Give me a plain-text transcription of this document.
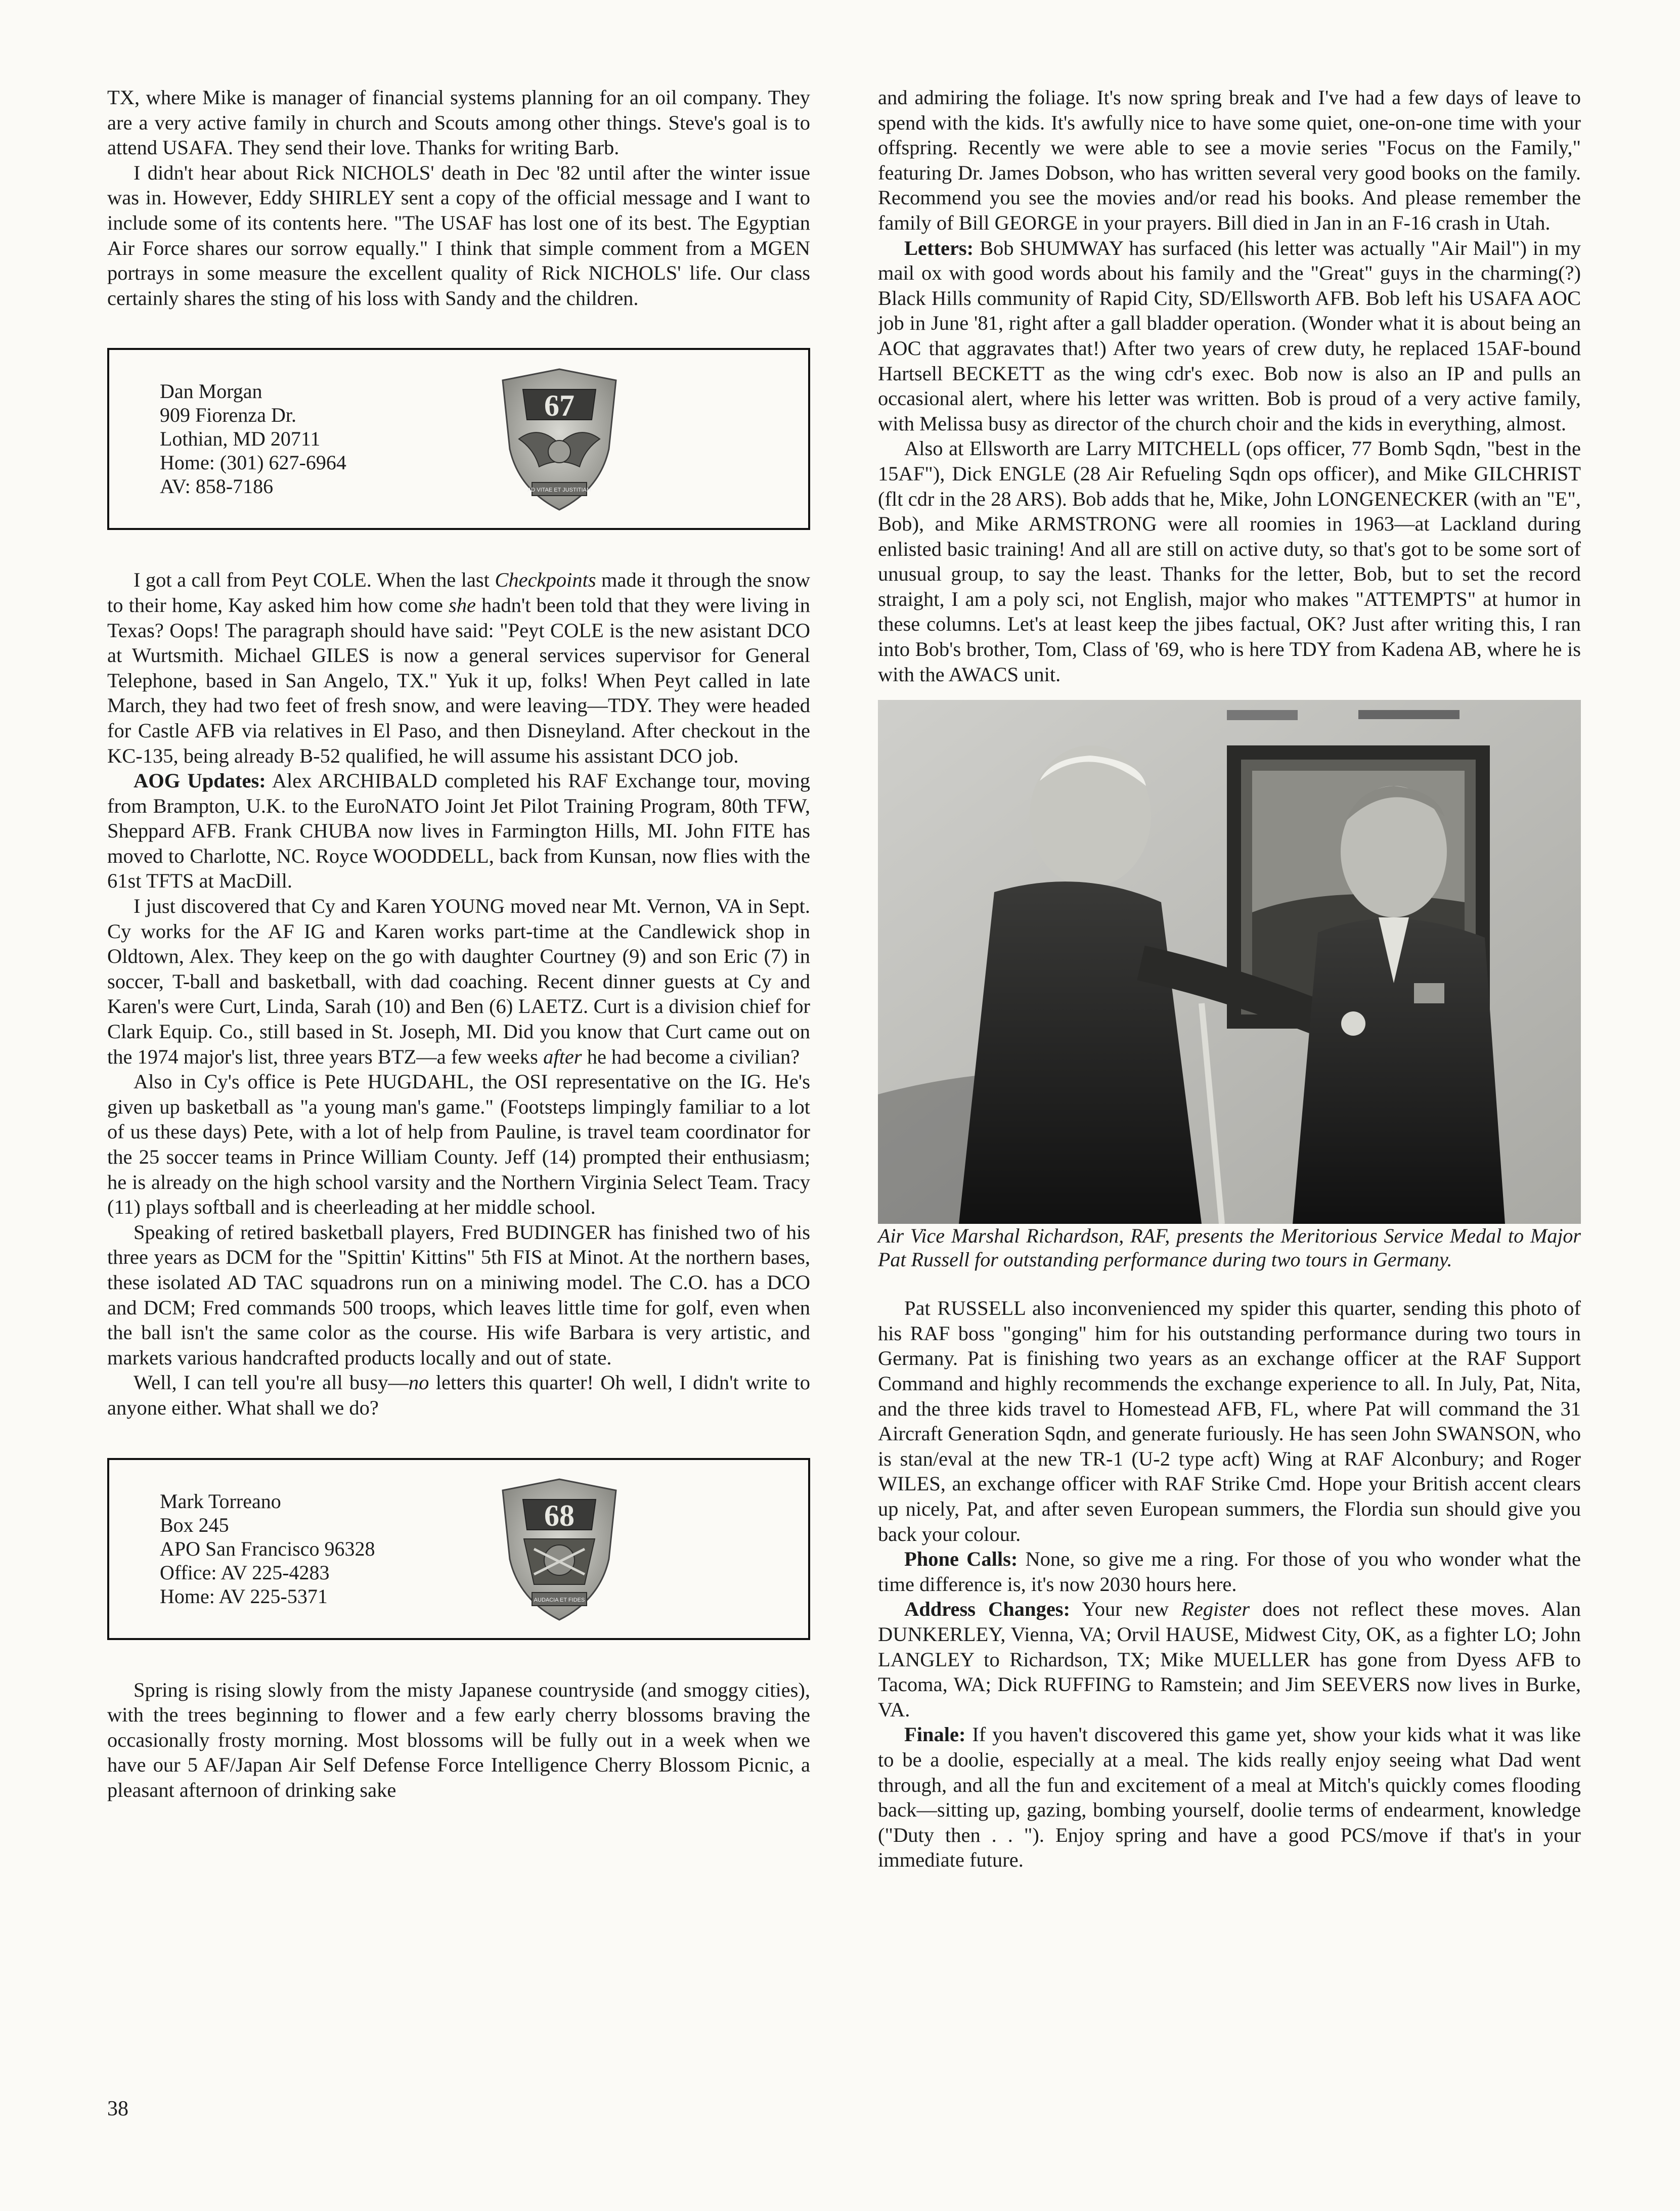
TX, where Mike is manager of financial systems planning for an oil company. They are a very active family in church and Scouts among other things. Steve's goal is to attend USAFA. They send their love. Thanks for writing Barb.

I didn't hear about Rick NICHOLS' death in Dec '82 until after the winter issue was in. However, Eddy SHIRLEY sent a copy of the official message and I want to include some of its contents here. "The USAF has lost one of its best. The Egyptian Air Force shares our sorrow equally." I think that simple comment from a MGEN portrays in some measure the excellent quality of Rick NICHOLS' life. Our class certainly shares the sting of his loss with Sandy and the children.

Dan Morgan
909 Fiorenza Dr.
Lothian, MD 20711
Home: (301) 627-6964
AV: 858-7186
67
AD VITAE ET JUSTITIAM

I got a call from Peyt COLE. When the last Checkpoints made it through the snow to their home, Kay asked him how come she hadn't been told that they were living in Texas? Oops! The paragraph should have said: "Peyt COLE is the new asistant DCO at Wurtsmith. Michael GILES is now a general services supervisor for General Telephone, based in San Angelo, TX." Yuk it up, folks! When Peyt called in late March, they had two feet of fresh snow, and were leaving—TDY. They were headed for Castle AFB via relatives in El Paso, and then Disneyland. After checkout in the KC-135, being already B-52 qualified, he will assume his assistant DCO job.

AOG Updates: Alex ARCHIBALD completed his RAF Exchange tour, moving from Brampton, U.K. to the EuroNATO Joint Jet Pilot Training Program, 80th TFW, Sheppard AFB. Frank CHUBA now lives in Farmington Hills, MI. John FITE has moved to Charlotte, NC. Royce WOODDELL, back from Kunsan, now flies with the 61st TFTS at MacDill.

I just discovered that Cy and Karen YOUNG moved near Mt. Vernon, VA in Sept. Cy works for the AF IG and Karen works part-time at the Candlewick shop in Oldtown, Alex. They keep on the go with daughter Courtney (9) and son Eric (7) in soccer, T-ball and basketball, with dad coaching. Recent dinner guests at Cy and Karen's were Curt, Linda, Sarah (10) and Ben (6) LAETZ. Curt is a division chief for Clark Equip. Co., still based in St. Joseph, MI. Did you know that Curt came out on the 1974 major's list, three years BTZ—a few weeks after he had become a civilian?

Also in Cy's office is Pete HUGDAHL, the OSI representative on the IG. He's given up basketball as "a young man's game." (Footsteps limpingly familiar to a lot of us these days) Pete, with a lot of help from Pauline, is travel team coordinator for the 25 soccer teams in Prince William County. Jeff (14) prompted their enthusiasm; he is already on the high school varsity and the Northern Virginia Select Team. Tracy (11) plays softball and is cheerleading at her middle school.

Speaking of retired basketball players, Fred BUDINGER has finished two of his three years as DCM for the "Spittin' Kittins" 5th FIS at Minot. At the northern bases, these isolated AD TAC squadrons run on a miniwing model. The C.O. has a DCO and DCM; Fred commands 500 troops, which leaves little time for golf, even when the ball isn't the same color as the course. His wife Barbara is very artistic, and markets various handcrafted products locally and out of state.

Well, I can tell you're all busy—no letters this quarter! Oh well, I didn't write to anyone either. What shall we do?

Mark Torreano
Box 245
APO San Francisco 96328
Office: AV 225-4283
Home: AV 225-5371
68
AUDACIA ET FIDES

Spring is rising slowly from the misty Japanese countryside (and smoggy cities), with the trees beginning to flower and a few early cherry blossoms braving the occasionally frosty morning. Most blossoms will be fully out in a week when we have our 5 AF/Japan Air Self Defense Force Intelligence Cherry Blossom Picnic, a pleasant afternoon of drinking sake

and admiring the foliage. It's now spring break and I've had a few days of leave to spend with the kids. It's awfully nice to have some quiet, one-on-one time with your offspring. Recently we were able to see a movie series "Focus on the Family," featuring Dr. James Dobson, who has written several very good books on the family. Recommend you see the movies and/or read his books. And please remember the family of Bill GEORGE in your prayers. Bill died in Jan in an F-16 crash in Utah.

Letters: Bob SHUMWAY has surfaced (his letter was actually "Air Mail") in my mail ox with good words about his family and the "Great" guys in the charming(?) Black Hills community of Rapid City, SD/Ellsworth AFB. Bob left his USAFA AOC job in June '81, right after a gall bladder operation. (Wonder what it is about being an AOC that aggravates that!) After two years of crew duty, he replaced 15AF-bound Hartsell BECKETT as the wing cdr's exec. Bob now is also an IP and pulls an occasional alert, where his letter was written. Bob is proud of a very active family, with Melissa busy as director of the church choir and the kids in everything, almost.

Also at Ellsworth are Larry MITCHELL (ops officer, 77 Bomb Sqdn, "best in the 15AF"), Dick ENGLE (28 Air Refueling Sqdn ops officer), and Mike GILCHRIST (flt cdr in the 28 ARS). Bob adds that he, Mike, John LONGENECKER (with an "E", Bob), and Mike ARMSTRONG were all roomies in 1963—at Lackland during enlisted basic training! And all are still on active duty, so that's got to be some sort of unusual group, to say the least. Thanks for the letter, Bob, but to set the record straight, I am a poly sci, not English, major who makes "ATTEMPTS" at humor in these columns. Let's at least keep the jibes factual, OK? Just after writing this, I ran into Bob's brother, Tom, Class of '69, who is here TDY from Kadena AB, where he is with the AWACS unit.

Air Vice Marshal Richardson, RAF, presents the Meritorious Service Medal to Major Pat Russell for outstanding performance during two tours in Germany.

Pat RUSSELL also inconvenienced my spider this quarter, sending this photo of his RAF boss "gonging" him for his outstanding performance during two tours in Germany. Pat is finishing two years as an exchange officer at the RAF Support Command and highly recommends the exchange experience to all. In July, Pat, Nita, and the three kids travel to Homestead AFB, FL, where Pat will command the 31 Aircraft Generation Sqdn, and generate furiously. He has seen John SWANSON, who is stan/eval at the new TR-1 (U-2 type acft) Wing at RAF Alconbury; and Roger WILES, an exchange officer with RAF Strike Cmd. Hope your British accent clears up nicely, Pat, and after seven European summers, the Flordia sun should give you back your colour.

Phone Calls: None, so give me a ring. For those of you who wonder what the time difference is, it's now 2030 hours here.

Address Changes: Your new Register does not reflect these moves. Alan DUNKERLEY, Vienna, VA; Orvil HAUSE, Midwest City, OK, as a fighter LO; John LANGLEY to Richardson, TX; Mike MUELLER has gone from Dyess AFB to Tacoma, WA; Dick RUFFING to Ramstein; and Jim SEEVERS now lives in Burke, VA.

Finale: If you haven't discovered this game yet, show your kids what it was like to be a doolie, especially at a meal. The kids really enjoy seeing what Dad went through, and all the fun and excitement of a meal at Mitch's quickly comes flooding back—sitting up, gazing, bombing yourself, doolie terms of endearment, knowledge ("Duty then . . "). Enjoy spring and have a good PCS/move if that's in your immediate future.

38
